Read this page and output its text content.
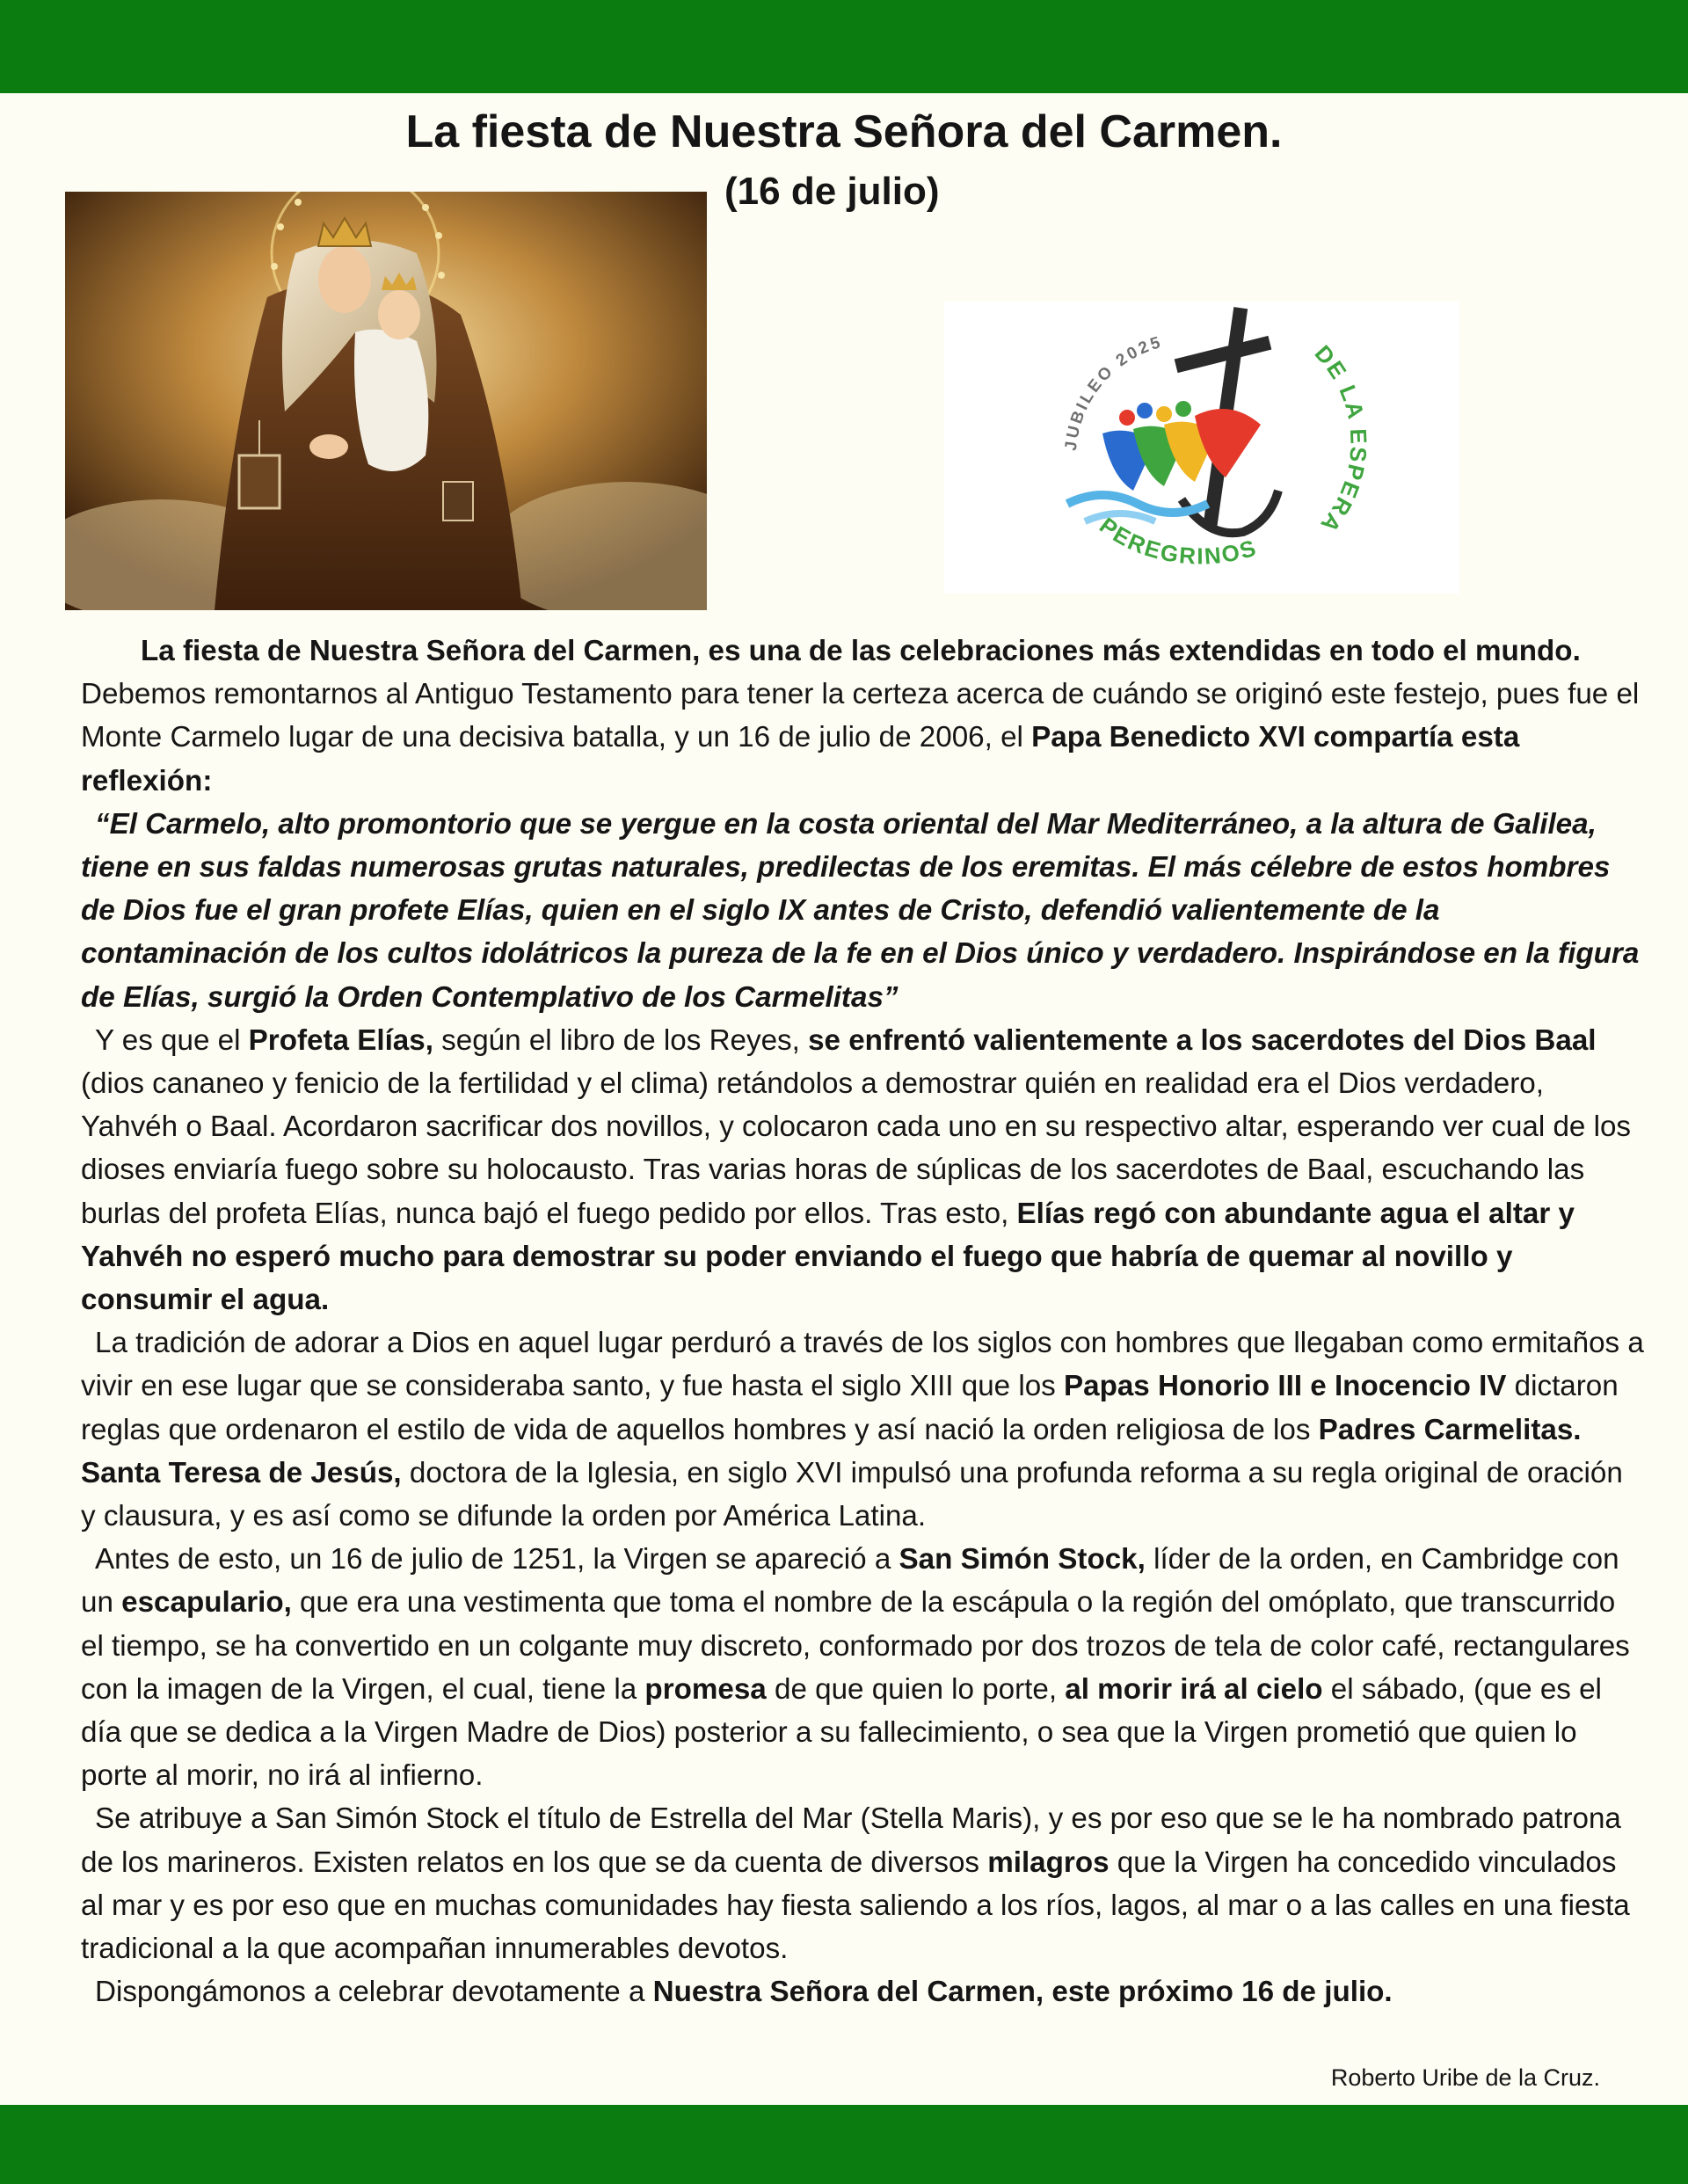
La fiesta de Nuestra Señora del Carmen.
(16 de julio)
JUBILEO 2025	DE LA ESPERA
PEREGRINOS

La fiesta de Nuestra Señora del Carmen, es una de las celebraciones más extendidas en todo el mundo. Debemos remontarnos al Antiguo Testamento para tener la certeza acerca de cuándo se originó este festejo, pues fue el Monte Carmelo lugar de una decisiva batalla, y un 16 de julio de 2006, el Papa Benedicto XVI compartía esta reflexión:

“El Carmelo, alto promontorio que se yergue en la costa oriental del Mar Mediterráneo, a la altura de Galilea, tiene en sus faldas numerosas grutas naturales, predilectas de los eremitas. El más célebre de estos hombres de Dios fue el gran profete Elías, quien en el siglo IX antes de Cristo, defendió valientemente de la contaminación de los cultos idolátricos la pureza de la fe en el Dios único y verdadero. Inspirándose en la figura de Elías, surgió la Orden Contemplativo de los Carmelitas”

Y es que el Profeta Elías, según el libro de los Reyes, se enfrentó valientemente a los sacerdotes del Dios Baal (dios cananeo y fenicio de la fertilidad y el clima) retándolos a demostrar quién en realidad era el Dios verdadero, Yahvéh o Baal. Acordaron sacrificar dos novillos, y colocaron cada uno en su respectivo altar, esperando ver cual de los dioses enviaría fuego sobre su holocausto. Tras varias horas de súplicas de los sacerdotes de Baal, escuchando las burlas del profeta Elías, nunca bajó el fuego pedido por ellos. Tras esto, Elías regó con abundante agua el altar y Yahvéh no esperó mucho para demostrar su poder enviando el fuego que habría de quemar al novillo y consumir el agua.

La tradición de adorar a Dios en aquel lugar perduró a través de los siglos con hombres que llegaban como ermitaños a vivir en ese lugar que se consideraba santo, y fue hasta el siglo XIII que los Papas Honorio III e Inocencio IV dictaron reglas que ordenaron el estilo de vida de aquellos hombres y así nació la orden religiosa de los Padres Carmelitas. Santa Teresa de Jesús, doctora de la Iglesia, en siglo XVI impulsó una profunda reforma a su regla original de oración y clausura, y es así como se difunde la orden por América Latina.

Antes de esto, un 16 de julio de 1251, la Virgen se apareció a San Simón Stock, líder de la orden, en Cambridge con un escapulario, que era una vestimenta que toma el nombre de la escápula o la región del omóplato, que transcurrido el tiempo, se ha convertido en un colgante muy discreto, conformado por dos trozos de tela de color café, rectangulares con la imagen de la Virgen, el cual, tiene la promesa de que quien lo porte, al morir irá al cielo el sábado, (que es el día que se dedica a la Virgen Madre de Dios) posterior a su fallecimiento, o sea que la Virgen prometió que quien lo porte al morir, no irá al infierno.

Se atribuye a San Simón Stock el título de Estrella del Mar (Stella Maris), y es por eso que se le ha nombrado patrona de los marineros. Existen relatos en los que se da cuenta de diversos milagros que la Virgen ha concedido vinculados al mar y es por eso que en muchas comunidades hay fiesta saliendo a los ríos, lagos, al mar o a las calles en una fiesta tradicional a la que acompañan innumerables devotos.

Dispongámonos a celebrar devotamente a Nuestra Señora del Carmen, este próximo 16 de julio.

Roberto Uribe de la Cruz.
